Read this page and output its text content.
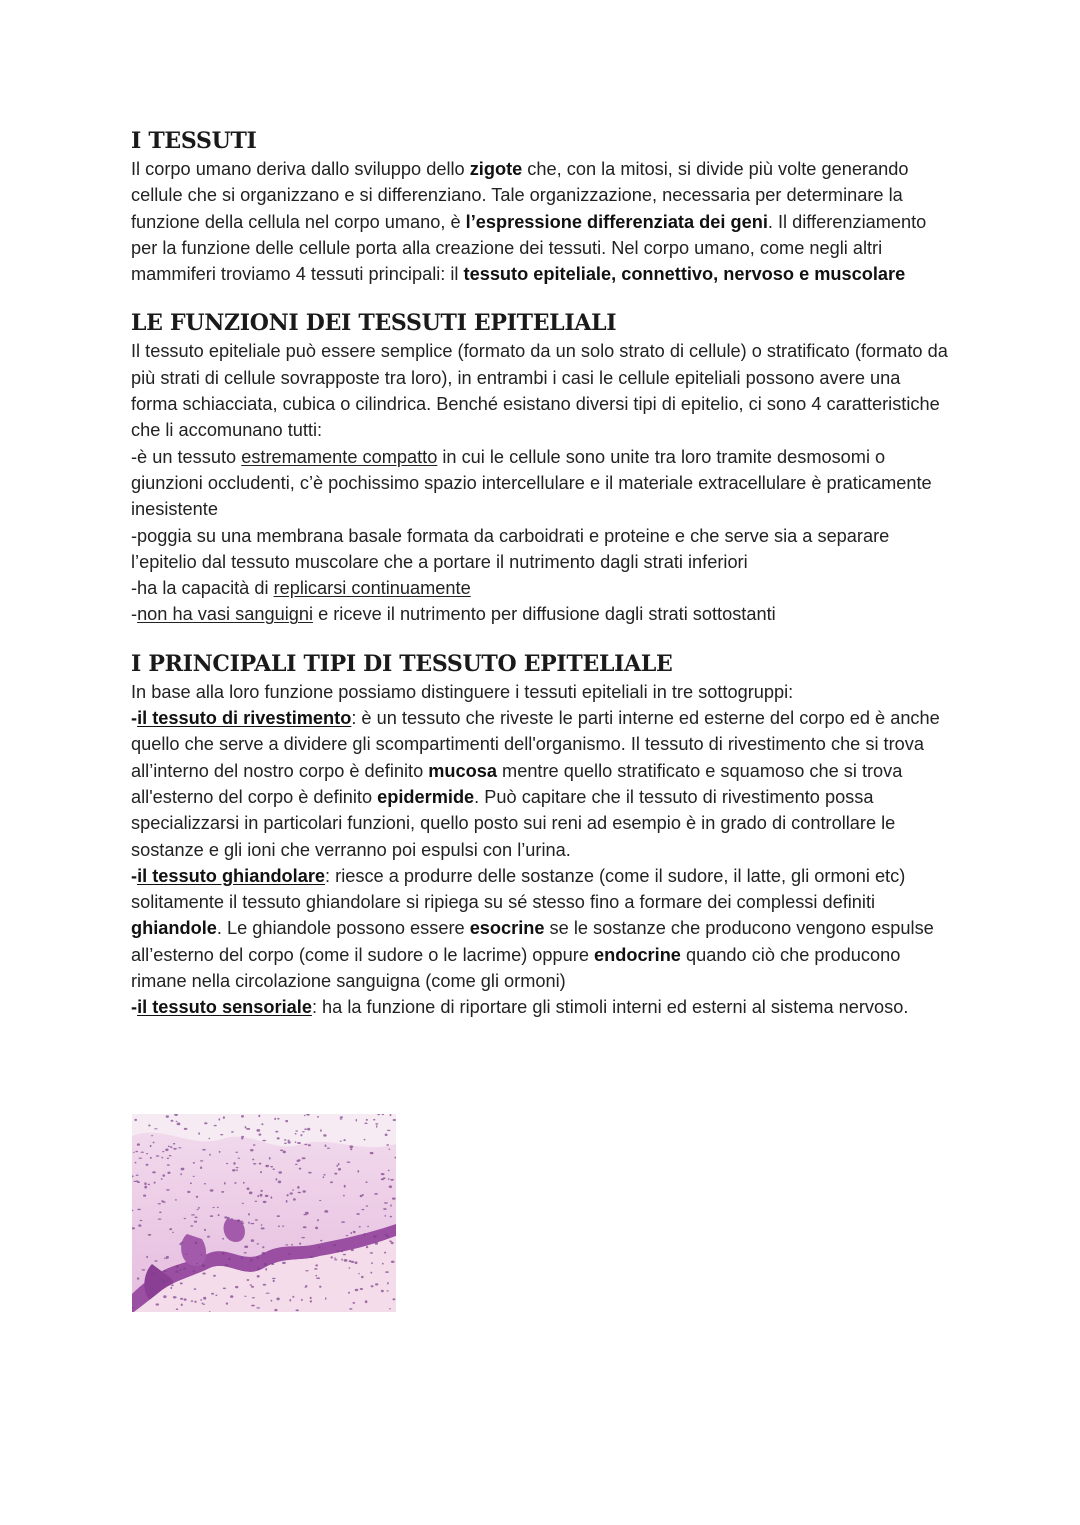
I TESSUTI

Il corpo umano deriva dallo sviluppo dello zigote che, con la mitosi, si divide più volte generando cellule che si organizzano e si differenziano. Tale organizzazione, necessaria per determinare la funzione della cellula nel corpo umano, è l’espressione differenziata dei geni. Il differenziamento per la funzione delle cellule porta alla creazione dei tessuti. Nel corpo umano, come negli altri mammiferi troviamo 4 tessuti principali: il tessuto epiteliale, connettivo, nervoso e muscolare

LE FUNZIONI DEI TESSUTI EPITELIALI

Il tessuto epiteliale può essere semplice (formato da un solo strato di cellule) o stratificato (formato da più strati di cellule sovrapposte tra loro), in entrambi i casi le cellule epiteliali possono avere una forma schiacciata, cubica o cilindrica. Benché esistano diversi tipi di epitelio, ci sono 4 caratteristiche che li accomunano tutti:

-è un tessuto estremamente compatto in cui le cellule sono unite tra loro tramite desmosomi o giunzioni occludenti, c’è pochissimo spazio intercellulare e il materiale extracellulare è praticamente inesistente

-poggia su una membrana basale formata da carboidrati e proteine e che serve sia a separare l’epitelio dal tessuto muscolare che a portare il nutrimento dagli strati inferiori

-ha la capacità di replicarsi continuamente

-non ha vasi sanguigni e riceve il nutrimento per diffusione dagli strati sottostanti

I PRINCIPALI TIPI DI TESSUTO EPITELIALE

In base alla loro funzione possiamo distinguere i tessuti epiteliali in tre sottogruppi:

-il tessuto di rivestimento: è un tessuto che riveste le parti interne ed esterne del corpo ed è anche quello che serve a dividere gli scompartimenti dell'organismo. Il tessuto di rivestimento che si trova all’interno del nostro corpo è definito mucosa mentre quello stratificato e squamoso che si trova all'esterno del corpo è definito epidermide. Può capitare che il tessuto di rivestimento possa specializzarsi in particolari funzioni, quello posto sui reni ad esempio è in grado di controllare le sostanze e gli ioni che verranno poi espulsi con l’urina.

-il tessuto ghiandolare: riesce a produrre delle sostanze (come il sudore, il latte, gli ormoni etc) solitamente il tessuto ghiandolare si ripiega su sé stesso fino a formare dei complessi definiti ghiandole. Le ghiandole possono essere esocrine se le sostanze che producono vengono espulse all’esterno del corpo (come il sudore o le lacrime) oppure endocrine quando ciò che producono rimane nella circolazione sanguigna (come gli ormoni)

-il tessuto sensoriale: ha la funzione di riportare gli stimoli interni ed esterni al sistema nervoso.
